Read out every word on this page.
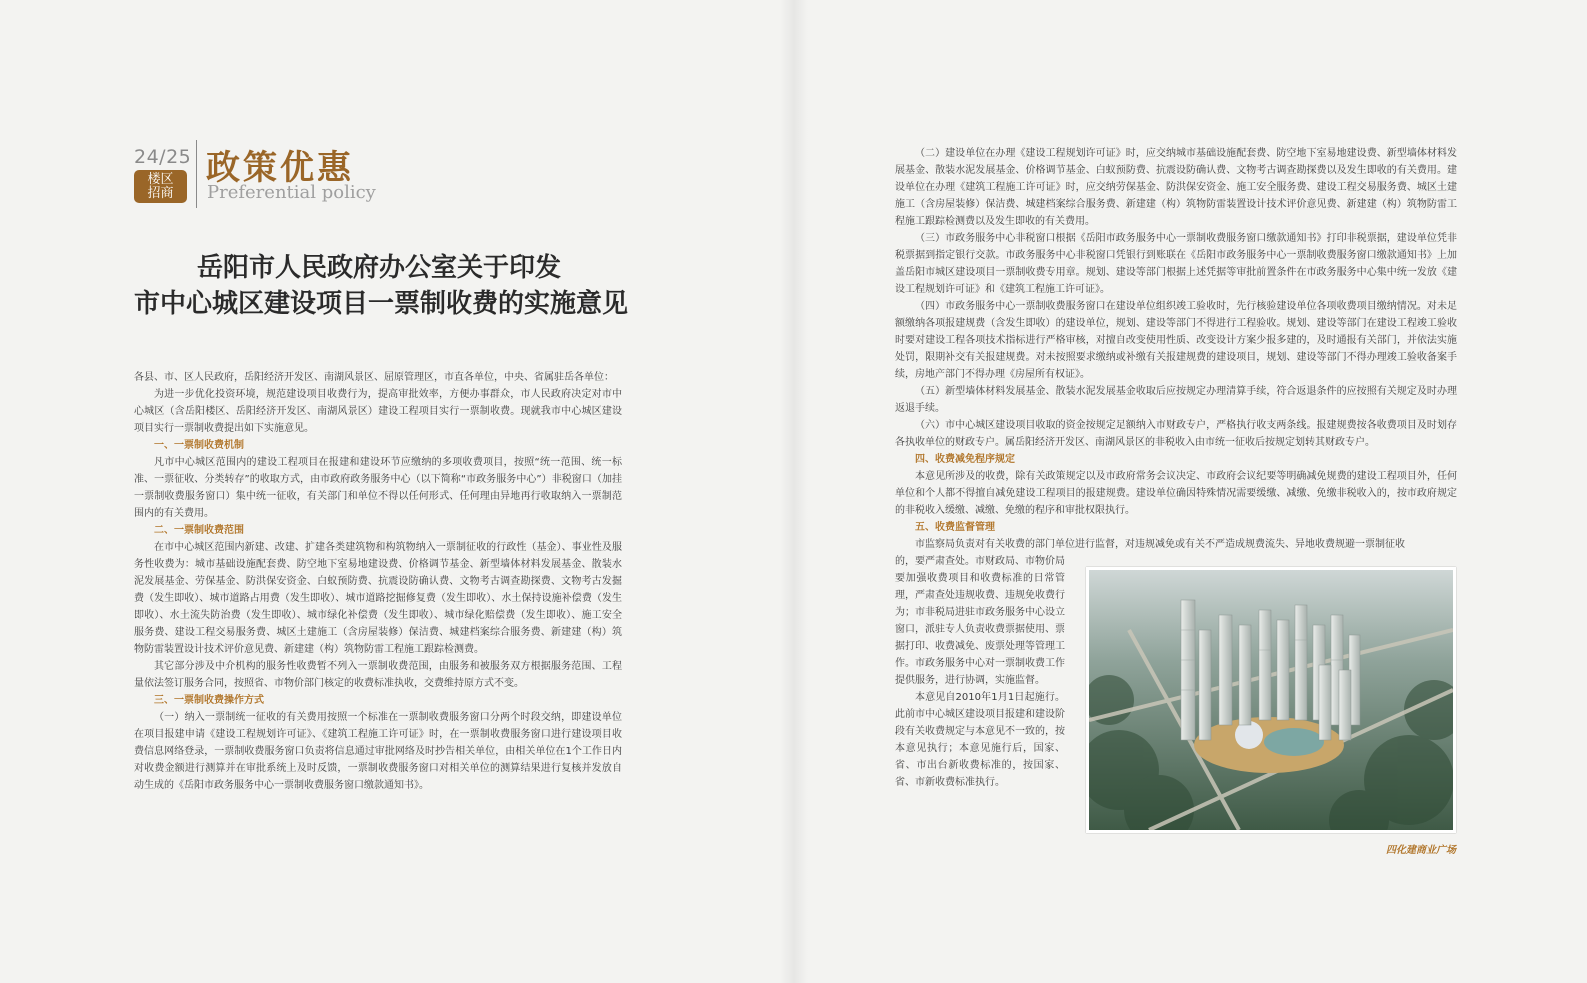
24/25
楼区
招商
政策优惠
Preferential policy
岳阳市人民政府办公室关于印发
市中心城区建设项目一票制收费的实施意见

各县、市、区人民政府，岳阳经济开发区、南湖风景区、屈原管理区，市直各单位，中央、省属驻岳各单位：

为进一步优化投资环境，规范建设项目收费行为，提高审批效率，方便办事群众，市人民政府决定对市中心城区（含岳阳楼区、岳阳经济开发区、南湖风景区）建设工程项目实行一票制收费。现就我市中心城区建设项目实行一票制收费提出如下实施意见。

一、一票制收费机制

凡市中心城区范围内的建设工程项目在报建和建设环节应缴纳的多项收费项目，按照“统一范围、统一标准、一票征收、分类转存”的收取方式，由市政府政务服务中心（以下简称“市政务服务中心”）非税窗口（加挂一票制收费服务窗口）集中统一征收，有关部门和单位不得以任何形式、任何理由异地再行收取纳入一票制范围内的有关费用。

二、一票制收费范围

在市中心城区范围内新建、改建、扩建各类建筑物和构筑物纳入一票制征收的行政性（基金）、事业性及服务性收费为：城市基础设施配套费、防空地下室易地建设费、价格调节基金、新型墙体材料发展基金、散装水泥发展基金、劳保基金、防洪保安资金、白蚁预防费、抗震设防确认费、文物考古调查勘探费、文物考古发掘费（发生即收）、城市道路占用费（发生即收）、城市道路挖掘修复费（发生即收）、水土保持设施补偿费（发生即收）、水土流失防治费（发生即收）、城市绿化补偿费（发生即收）、城市绿化赔偿费（发生即收）、施工安全服务费、建设工程交易服务费、城区土建施工（含房屋装修）保洁费、城建档案综合服务费、新建建（构）筑物防雷装置设计技术评价意见费、新建建（构）筑物防雷工程施工跟踪检测费。

其它部分涉及中介机构的服务性收费暂不列入一票制收费范围，由服务和被服务双方根据服务范围、工程量依法签订服务合同，按照省、市物价部门核定的收费标准执收，交费维持原方式不变。

三、一票制收费操作方式

（一）纳入一票制统一征收的有关费用按照一个标准在一票制收费服务窗口分两个时段交纳，即建设单位在项目报建申请《建设工程规划许可证》、《建筑工程施工许可证》时，在一票制收费服务窗口进行建设项目收费信息网络登录，一票制收费服务窗口负责将信息通过审批网络及时抄告相关单位，由相关单位在1个工作日内对收费金额进行测算并在审批系统上及时反馈，一票制收费服务窗口对相关单位的测算结果进行复核并发放自动生成的《岳阳市政务服务中心一票制收费服务窗口缴款通知书》。

（二）建设单位在办理《建设工程规划许可证》时，应交纳城市基础设施配套费、防空地下室易地建设费、新型墙体材料发展基金、散装水泥发展基金、价格调节基金、白蚁预防费、抗震设防确认费、文物考古调查勘探费以及发生即收的有关费用。建设单位在办理《建筑工程施工许可证》时，应交纳劳保基金、防洪保安资金、施工安全服务费、建设工程交易服务费、城区土建施工（含房屋装修）保洁费、城建档案综合服务费、新建建（构）筑物防雷装置设计技术评价意见费、新建建（构）筑物防雷工程施工跟踪检测费以及发生即收的有关费用。

（三）市政务服务中心非税窗口根据《岳阳市政务服务中心一票制收费服务窗口缴款通知书》打印非税票据，建设单位凭非税票据到指定银行交款。市政务服务中心非税窗口凭银行到账联在《岳阳市政务服务中心一票制收费服务窗口缴款通知书》上加盖岳阳市城区建设项目一票制收费专用章。规划、建设等部门根据上述凭据等审批前置条件在市政务服务中心集中统一发放《建设工程规划许可证》和《建筑工程施工许可证》。

（四）市政务服务中心一票制收费服务窗口在建设单位组织竣工验收时，先行核验建设单位各项收费项目缴纳情况。对未足额缴纳各项报建规费（含发生即收）的建设单位，规划、建设等部门不得进行工程验收。规划、建设等部门在建设工程竣工验收时要对建设工程各项技术指标进行严格审核，对擅自改变使用性质、改变设计方案少报多建的，及时通报有关部门，并依法实施处罚，限期补交有关报建规费。对未按照要求缴纳或补缴有关报建规费的建设项目，规划、建设等部门不得办理竣工验收备案手续，房地产部门不得办理《房屋所有权证》。

（五）新型墙体材料发展基金、散装水泥发展基金收取后应按规定办理清算手续，符合返退条件的应按照有关规定及时办理返退手续。

（六）市中心城区建设项目收取的资金按规定足额纳入市财政专户，严格执行收支两条线。报建规费按各收费项目及时划存各执收单位的财政专户。属岳阳经济开发区、南湖风景区的非税收入由市统一征收后按规定划转其财政专户。

四、收费减免程序规定

本意见所涉及的收费，除有关政策规定以及市政府常务会议决定、市政府会议纪要等明确减免规费的建设工程项目外，任何单位和个人都不得擅自减免建设工程项目的报建规费。建设单位确因特殊情况需要缓缴、减缴、免缴非税收入的，按市政府规定的非税收入缓缴、减缴、免缴的程序和审批权限执行。

五、收费监督管理

市监察局负责对有关收费的部门单位进行监督，对违规减免或有关不严造成规费流失、异地收费规避一票制征收

的，要严肃查处。市财政局、市物价局要加强收费项目和收费标准的日常管理，严肃查处违规收费、违规免收费行为；市非税局进驻市政务服务中心设立窗口，派驻专人负责收费票据使用、票据打印、收费减免、废票处理等管理工作。市政务服务中心对一票制收费工作提供服务，进行协调，实施监督。

本意见自2010年1月1日起施行。此前市中心城区建设项目报建和建设阶段有关收费规定与本意见不一致的，按本意见执行；本意见施行后，国家、省、市出台新收费标准的，按国家、省、市新收费标准执行。

四化建商业广场
